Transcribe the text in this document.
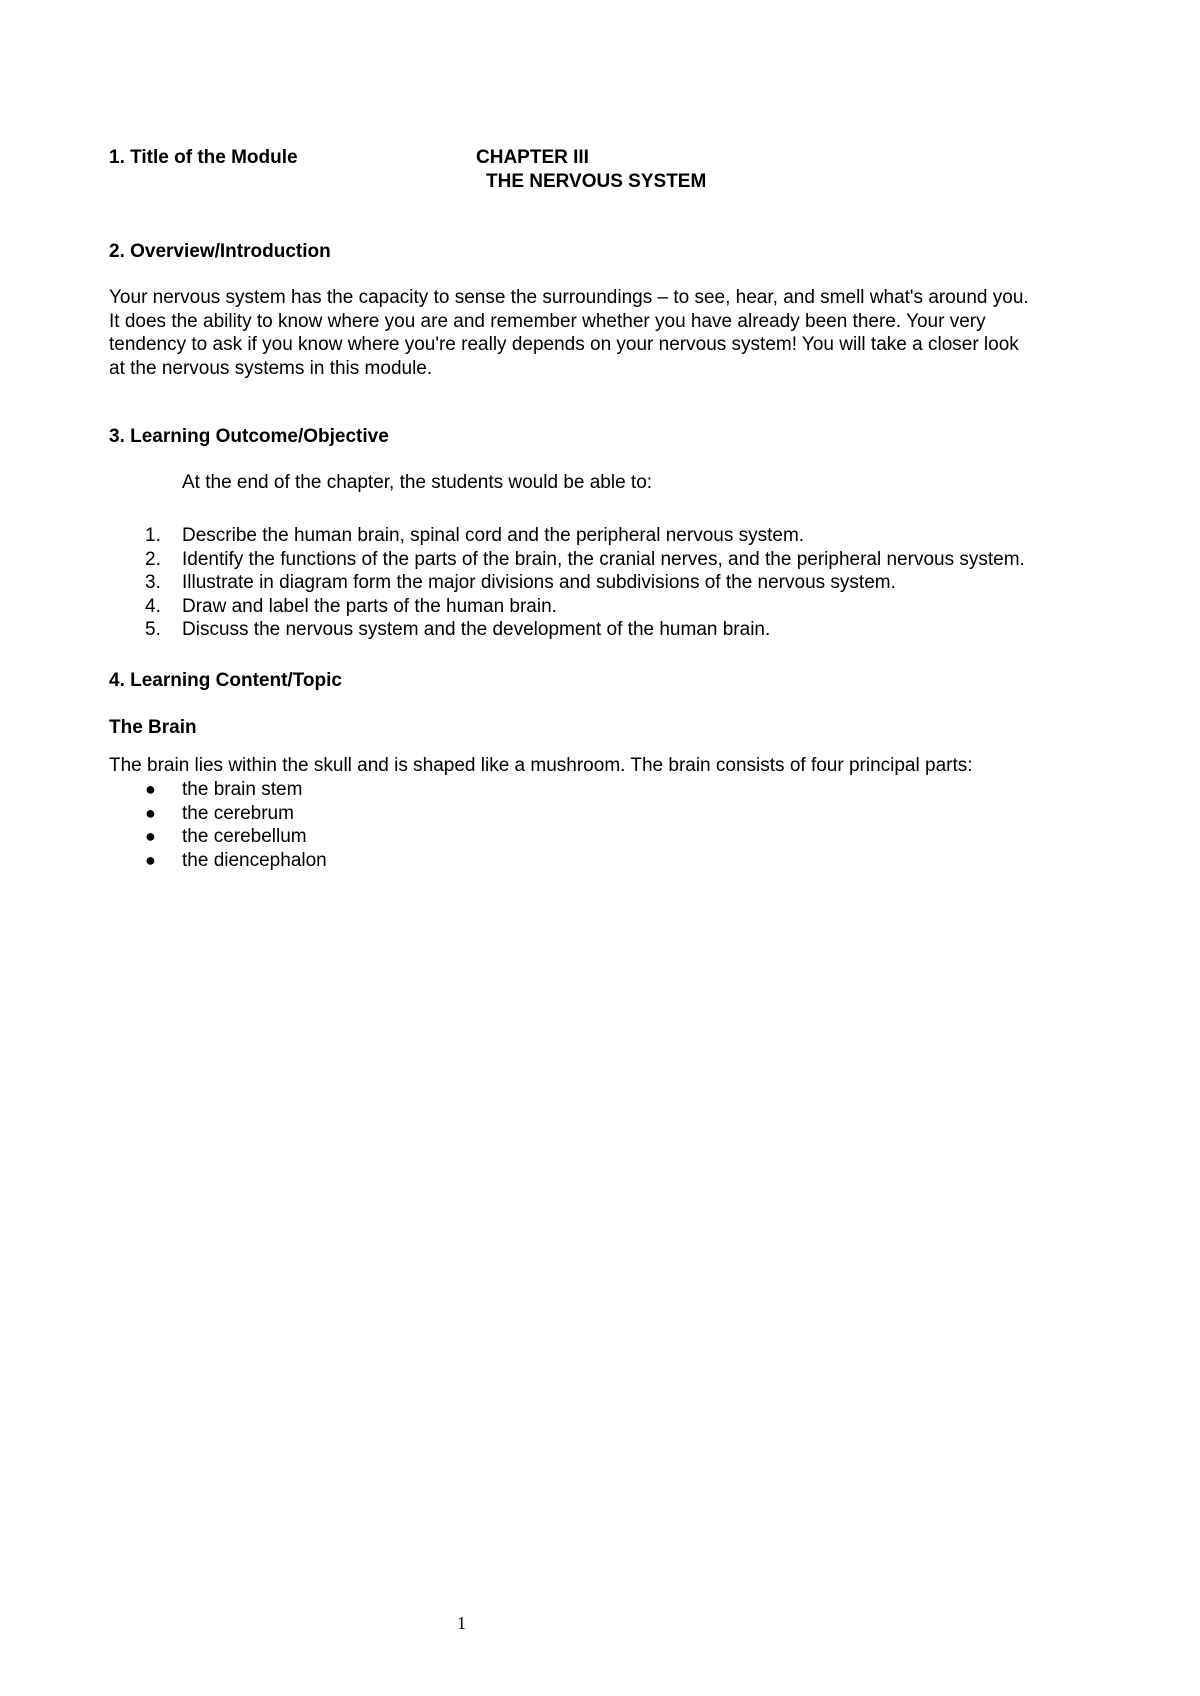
1. Title of the Module	CHAPTER III
THE NERVOUS SYSTEM
2. Overview/Introduction
Your nervous system has the capacity to sense the surroundings – to see, hear, and smell what's around you.
It does the ability to know where you are and remember whether you have already been there. Your very
tendency to ask if you know where you're really depends on your nervous system! You will take a closer look
at the nervous systems in this module.
3. Learning Outcome/Objective
At the end of the chapter, the students would be able to:
1.	Describe the human brain, spinal cord and the peripheral nervous system.
2.	Identify the functions of the parts of the brain, the cranial nerves, and the peripheral nervous system.
3.	Illustrate in diagram form the major divisions and subdivisions of the nervous system.
4.	Draw and label the parts of the human brain.
5.	Discuss the nervous system and the development of the human brain.
4. Learning Content/Topic
The Brain
The brain lies within the skull and is shaped like a mushroom. The brain consists of four principal parts:
● the brain stem
● the cerebrum
● the cerebellum
● the diencephalon
1
